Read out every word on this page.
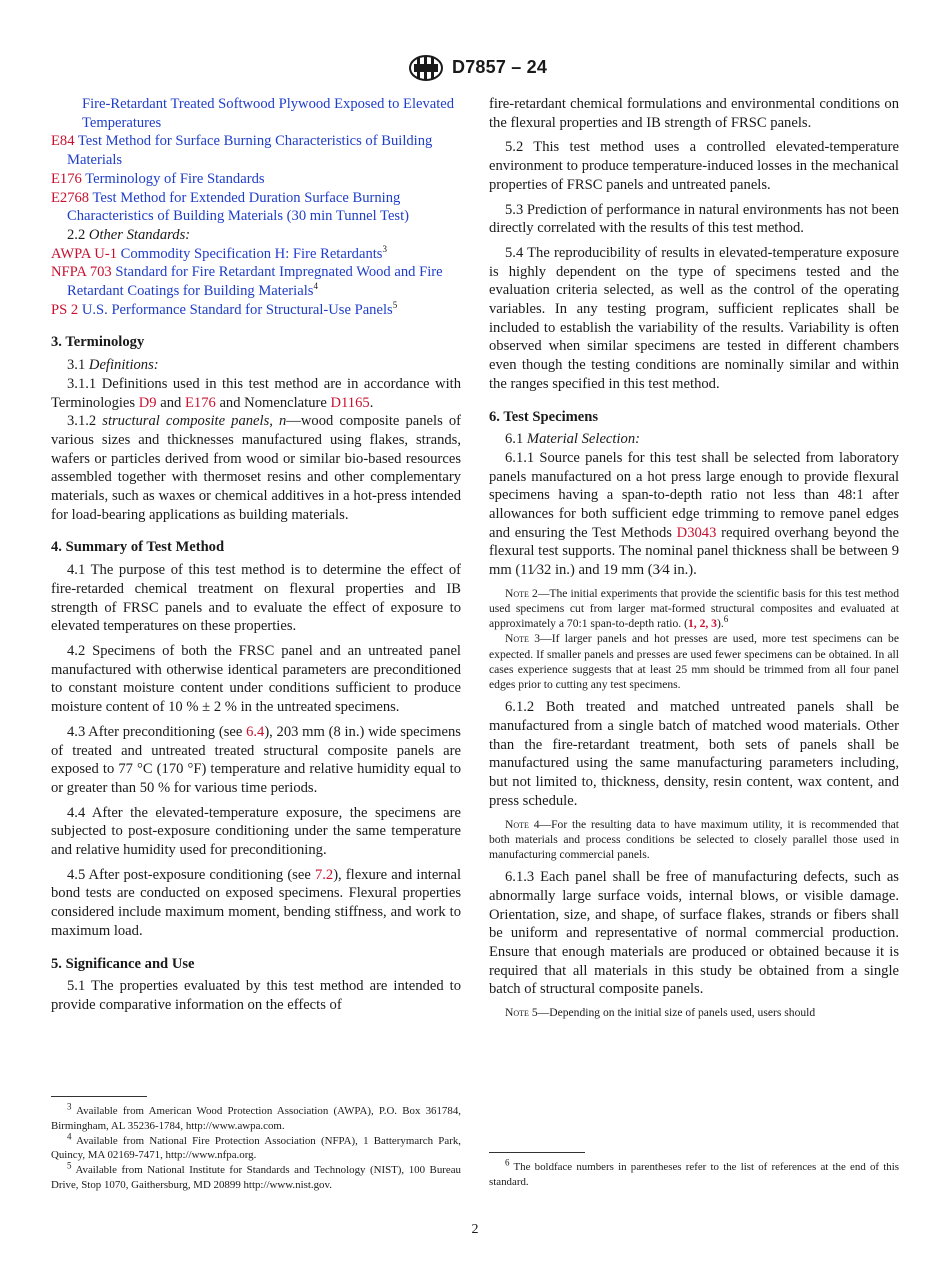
D7857 – 24

Fire-Retardant Treated Softwood Plywood Exposed to Elevated Temperatures

E84 Test Method for Surface Burning Characteristics of Building Materials

E176 Terminology of Fire Standards

E2768 Test Method for Extended Duration Surface Burning Characteristics of Building Materials (30 min Tunnel Test)

2.2 Other Standards:

AWPA U-1 Commodity Specification H: Fire Retardants$^3$

NFPA 703 Standard for Fire Retardant Impregnated Wood and Fire Retardant Coatings for Building Materials$^4$

PS 2 U.S. Performance Standard for Structural-Use Panels$^5$

3. Terminology

3.1 Definitions:

3.1.1 Definitions used in this test method are in accordance with Terminologies D9 and E176 and Nomenclature D1165.

3.1.2 structural composite panels, n—wood composite panels of various sizes and thicknesses manufactured using flakes, strands, wafers or particles derived from wood or similar bio-based resources assembled together with thermoset resins and other complementary materials, such as waxes or chemical additives in a hot-press intended for load-bearing applications as building materials.

4. Summary of Test Method

4.1 The purpose of this test method is to determine the effect of fire-retarded chemical treatment on flexural properties and IB strength of FRSC panels and to evaluate the effect of exposure to elevated temperatures on these properties.

4.2 Specimens of both the FRSC panel and an untreated panel manufactured with otherwise identical parameters are preconditioned to constant moisture content under conditions sufficient to produce moisture content of 10 % ± 2 % in the untreated specimens.

4.3 After preconditioning (see 6.4), 203 mm (8 in.) wide specimens of treated and untreated treated structural composite panels are exposed to 77 °C (170 °F) temperature and relative humidity equal to or greater than 50 % for various time periods.

4.4 After the elevated-temperature exposure, the specimens are subjected to post-exposure conditioning under the same temperature and relative humidity used for preconditioning.

4.5 After post-exposure conditioning (see 7.2), flexure and internal bond tests are conducted on exposed specimens. Flexural properties considered include maximum moment, bending stiffness, and work to maximum load.

5. Significance and Use

5.1 The properties evaluated by this test method are intended to provide comparative information on the effects of

$^3$ Available from American Wood Protection Association (AWPA), P.O. Box 361784, Birmingham, AL 35236-1784, http://www.awpa.com.

$^4$ Available from National Fire Protection Association (NFPA), 1 Batterymarch Park, Quincy, MA 02169-7471, http://www.nfpa.org.

$^5$ Available from National Institute for Standards and Technology (NIST), 100 Bureau Drive, Stop 1070, Gaithersburg, MD 20899 http://www.nist.gov.

fire-retardant chemical formulations and environmental conditions on the flexural properties and IB strength of FRSC panels.

5.2 This test method uses a controlled elevated-temperature environment to produce temperature-induced losses in the mechanical properties of FRSC panels and untreated panels.

5.3 Prediction of performance in natural environments has not been directly correlated with the results of this test method.

5.4 The reproducibility of results in elevated-temperature exposure is highly dependent on the type of specimens tested and the evaluation criteria selected, as well as the control of the operating variables. In any testing program, sufficient replicates shall be included to establish the variability of the results. Variability is often observed when similar specimens are tested in different chambers even though the testing conditions are nominally similar and within the ranges specified in this test method.

6. Test Specimens

6.1 Material Selection:

6.1.1 Source panels for this test shall be selected from laboratory panels manufactured on a hot press large enough to provide flexural specimens having a span-to-depth ratio not less than 48:1 after allowances for both sufficient edge trimming to remove panel edges and ensuring the Test Methods D3043 required overhang beyond the flexural test supports. The nominal panel thickness shall be between 9 mm (11⁄32 in.) and 19 mm (3⁄4 in.).

Note 2—The initial experiments that provide the scientific basis for this test method used specimens cut from larger mat-formed structural composites and evaluated at approximately a 70:1 span-to-depth ratio. (1, 2, 3).$^6$

Note 3—If larger panels and hot presses are used, more test specimens can be expected. If smaller panels and presses are used fewer specimens can be obtained. In all cases experience suggests that at least 25 mm should be trimmed from all four panel edges prior to cutting any test specimens.

6.1.2 Both treated and matched untreated panels shall be manufactured from a single batch of matched wood materials. Other than the fire-retardant treatment, both sets of panels shall be manufactured using the same manufacturing parameters including, but not limited to, thickness, density, resin content, wax content, and press schedule.

Note 4—For the resulting data to have maximum utility, it is recommended that both materials and process conditions be selected to closely parallel those used in manufacturing commercial panels.

6.1.3 Each panel shall be free of manufacturing defects, such as abnormally large surface voids, internal blows, or visible damage. Orientation, size, and shape, of surface flakes, strands or fibers shall be uniform and representative of normal commercial production. Ensure that enough materials are produced or obtained because it is required that all materials in this study be obtained from a single batch of structural composite panels.

Note 5—Depending on the initial size of panels used, users should

$^6$ The boldface numbers in parentheses refer to the list of references at the end of this standard.

2
